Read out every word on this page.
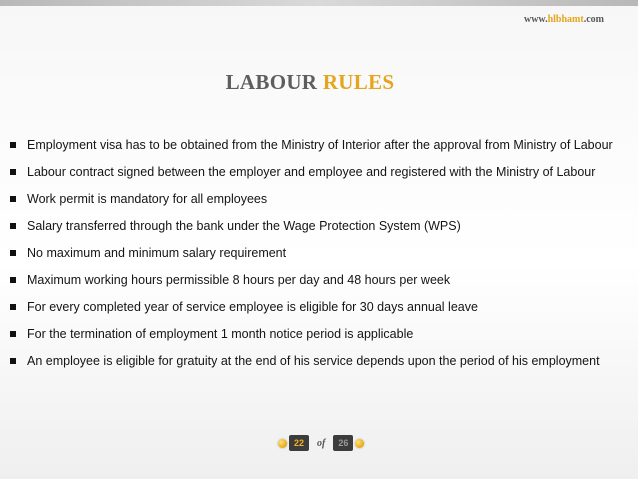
www.hlbhamt.com
LABOUR RULES
Employment visa has to be obtained from the Ministry of Interior after the approval from Ministry of Labour
Labour contract signed between the employer and employee and registered with the Ministry of Labour
Work permit is mandatory for all employees
Salary transferred through the bank under the Wage Protection System (WPS)
No maximum and minimum salary requirement
Maximum working hours permissible 8 hours per day and 48 hours per week
For every completed year of service employee is eligible for 30 days annual leave
For the termination of employment 1 month notice period is applicable
An employee is eligible for gratuity at the end of his service depends upon the period of his employment
22	of	26
